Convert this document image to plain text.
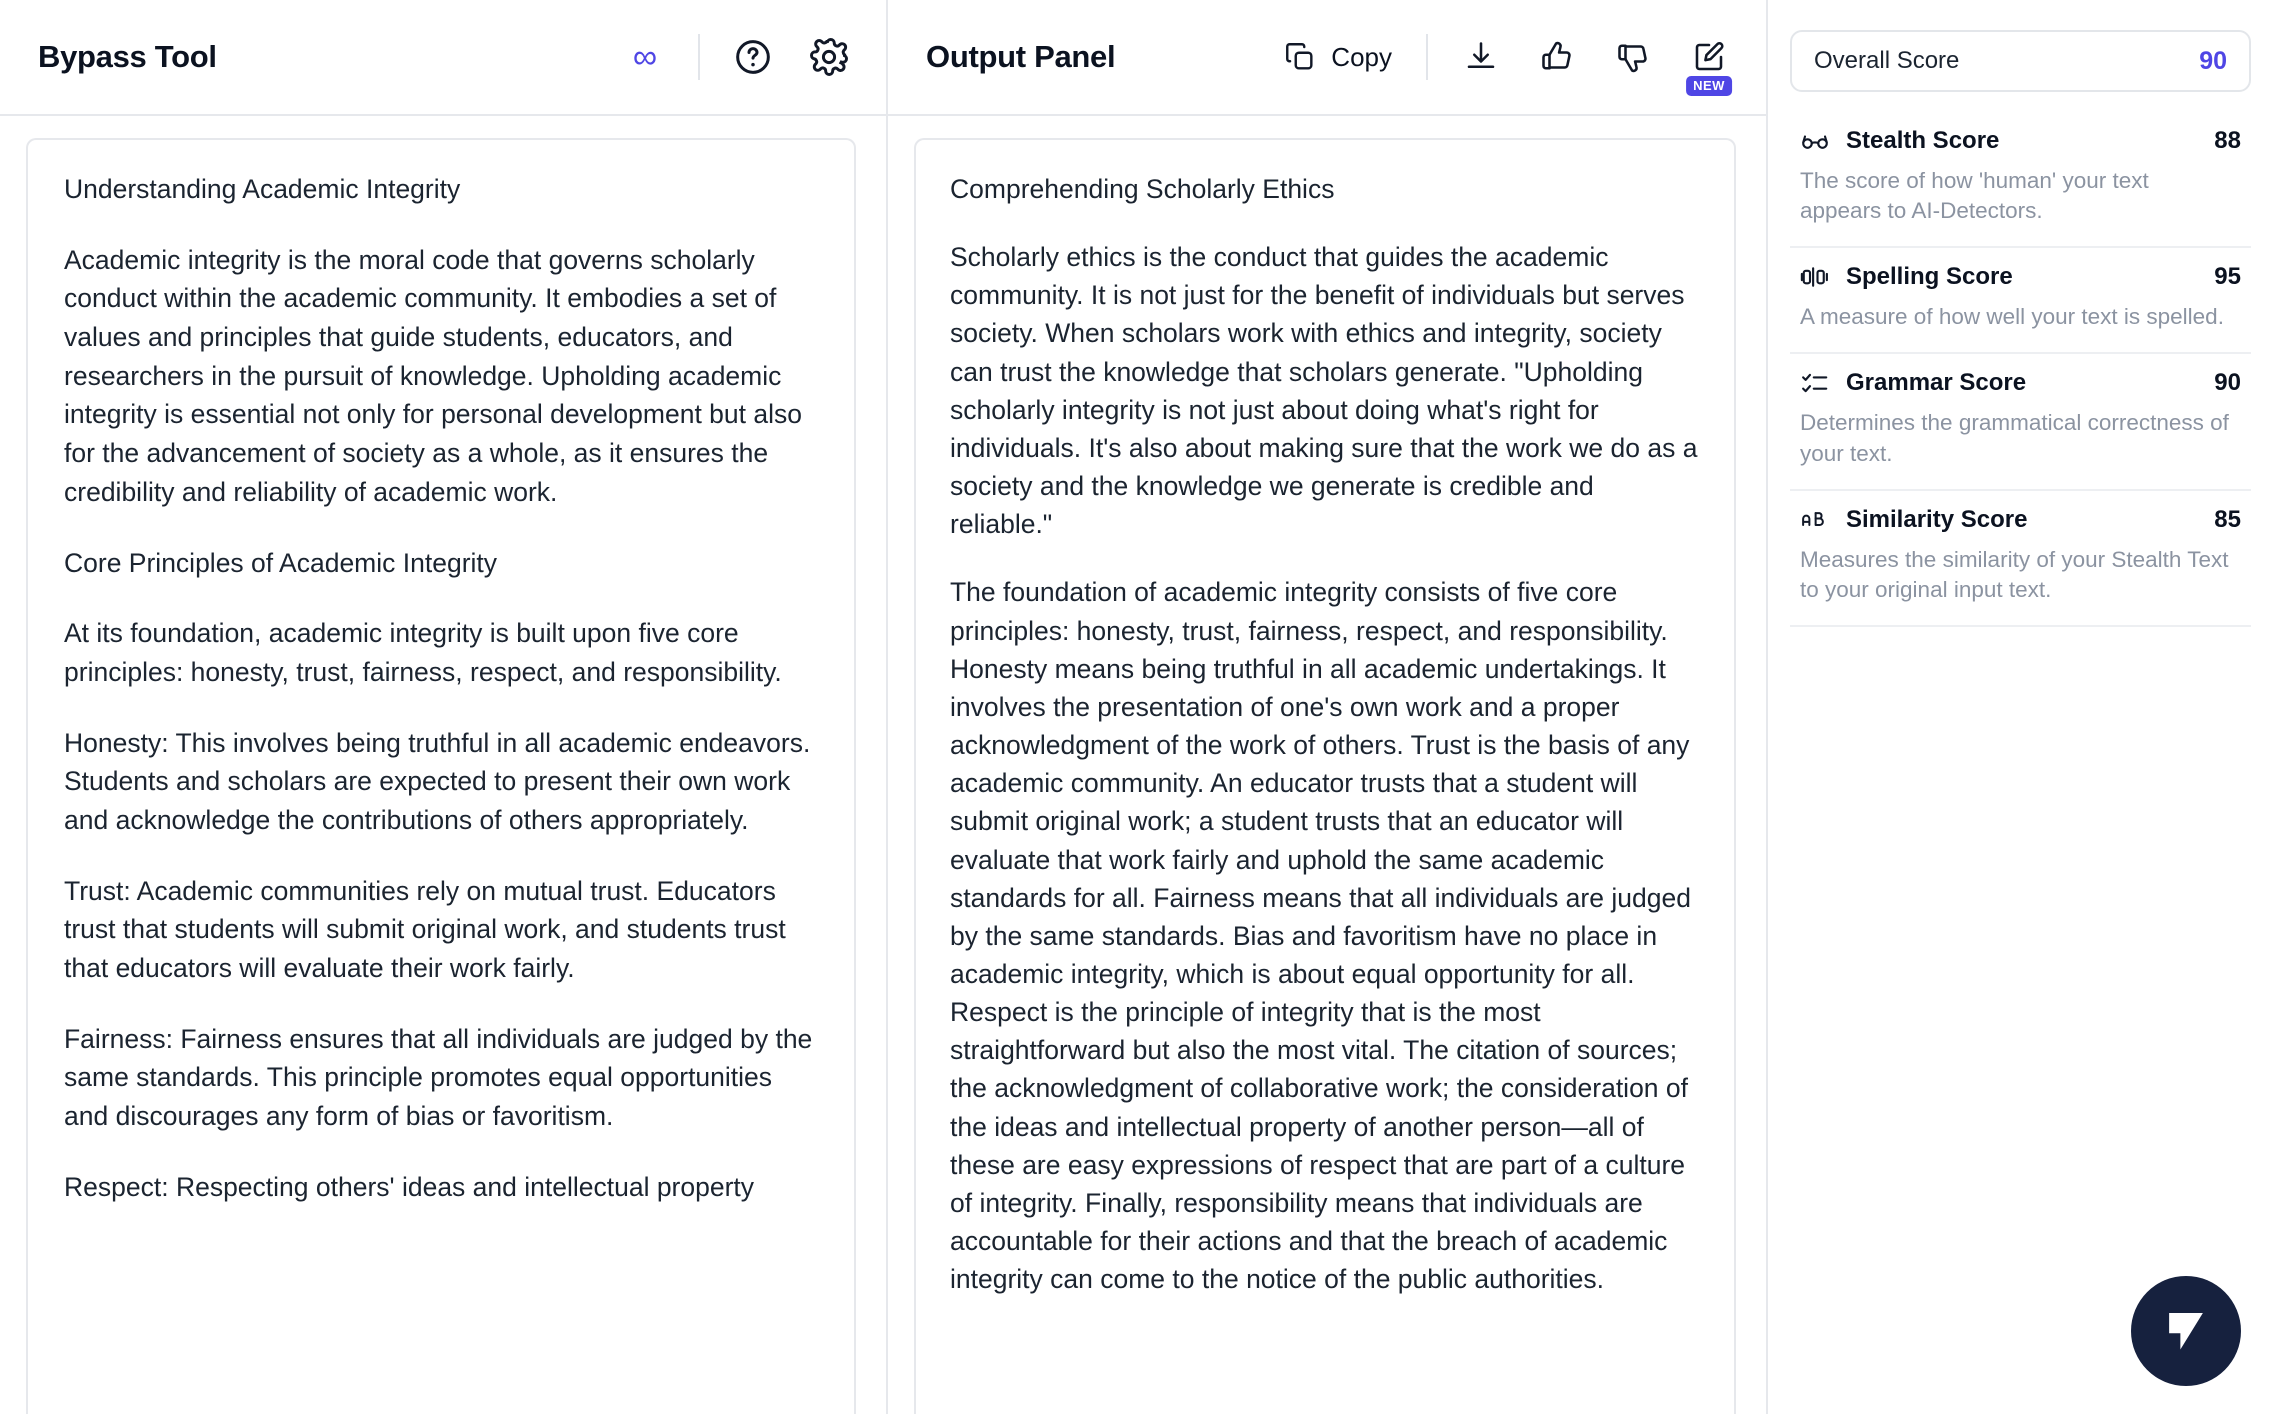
Bypass Tool	∞

Understanding Academic Integrity

Academic integrity is the moral code that governs scholarly conduct within the academic community. It embodies a set of values and principles that guide students, educators, and researchers in the pursuit of knowledge. Upholding academic integrity is essential not only for personal development but also for the advancement of society as a whole, as it ensures the credibility and reliability of academic work.

Core Principles of Academic Integrity

At its foundation, academic integrity is built upon five core principles: honesty, trust, fairness, respect, and responsibility.

Honesty: This involves being truthful in all academic endeavors. Students and scholars are expected to present their own work and acknowledge the contributions of others appropriately.

Trust: Academic communities rely on mutual trust. Educators trust that students will submit original work, and students trust that educators will evaluate their work fairly.

Fairness: Fairness ensures that all individuals are judged by the same standards. This principle promotes equal opportunities and discourages any form of bias or favoritism.

Respect: Respecting others' ideas and intellectual property

Output Panel	Copy
NEW

Comprehending Scholarly Ethics

Scholarly ethics is the conduct that guides the academic community. It is not just for the benefit of individuals but serves society. When scholars work with ethics and integrity, society can trust the knowledge that scholars generate. "Upholding scholarly integrity is not just about doing what's right for individuals. It's also about making sure that the work we do as a society and the knowledge we generate is credible and reliable."

The foundation of academic integrity consists of five core principles: honesty, trust, fairness, respect, and responsibility. Honesty means being truthful in all academic undertakings. It involves the presentation of one's own work and a proper acknowledgment of the work of others. Trust is the basis of any academic community. An educator trusts that a student will submit original work; a student trusts that an educator will evaluate that work fairly and uphold the same academic standards for all. Fairness means that all individuals are judged by the same standards. Bias and favoritism have no place in academic integrity, which is about equal opportunity for all. Respect is the principle of integrity that is the most straightforward but also the most vital. The citation of sources; the acknowledgment of collaborative work; the consideration of the ideas and intellectual property of another person—all of these are easy expressions of respect that are part of a culture of integrity. Finally, responsibility means that individuals are accountable for their actions and that the breach of academic integrity can come to the notice of the public authorities.

Overall Score	90
Stealth Score	88

The score of how 'human' your text appears to AI-Detectors.

Spelling Score	95

A measure of how well your text is spelled.

Grammar Score	90

Determines the grammatical correctness of your text.

Similarity Score	85

Measures the similarity of your Stealth Text to your original input text.
